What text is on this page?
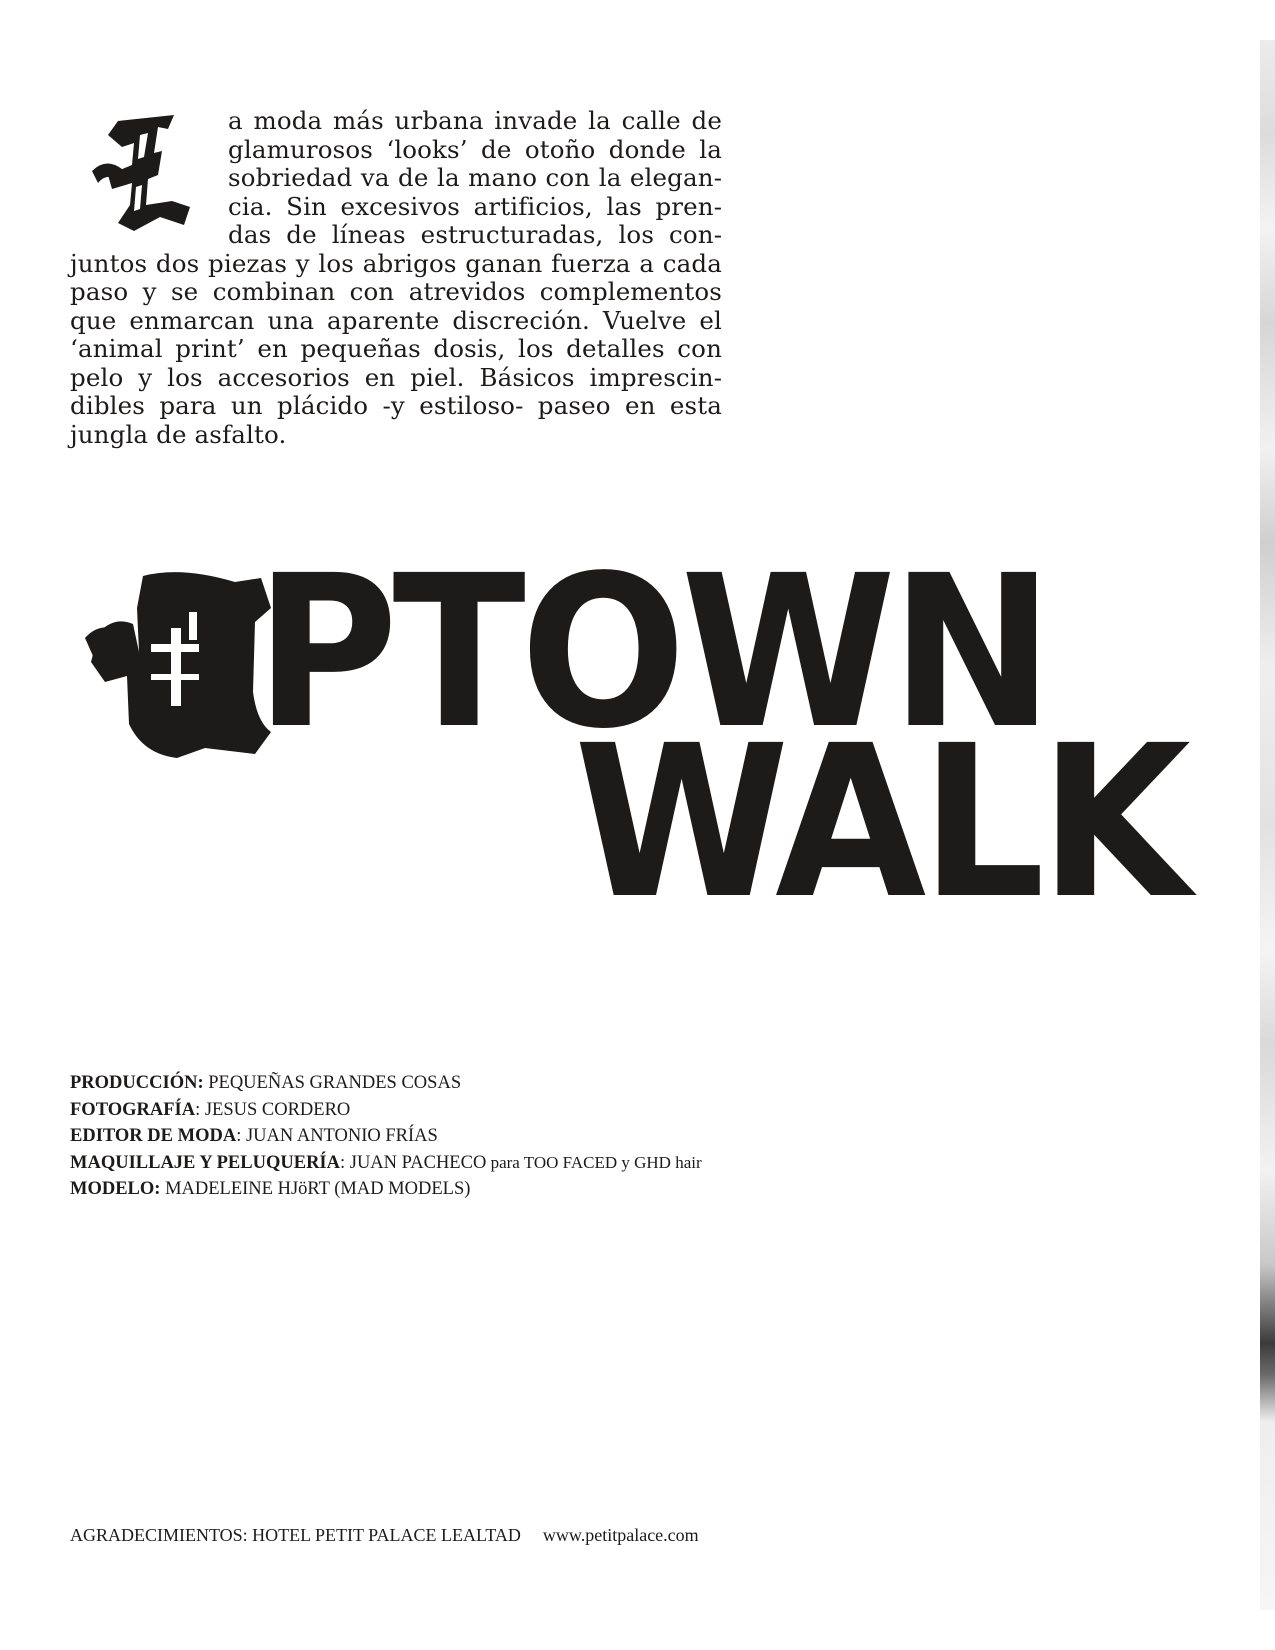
a moda más urbana invade la calle de glamurosos ‘looks’ de otoño donde la sobriedad va de la mano con la elegancia. Sin excesivos artificios, las prendas de líneas estructuradas, los conjuntos dos piezas y los abrigos ganan fuerza a cada paso y se combinan con atrevidos complementos que enmarcan una aparente discreción. Vuelve el ‘animal print’ en pequeñas dosis, los detalles con pelo y los accesorios en piel. Básicos imprescindibles para un plácido -y estiloso- paseo en esta jungla de asfalto.

PTOWN
WALK
PRODUCCIÓN: PEQUEÑAS GRANDES COSAS
FOTOGRAFÍA: JESUS CORDERO
EDITOR DE MODA: JUAN ANTONIO FRÍAS
MAQUILLAJE Y PELUQUERÍA: JUAN PACHECO para TOO FACED y GHD hair
MODELO: MADELEINE HJöRT (MAD MODELS)
AGRADECIMIENTOS: HOTEL PETIT PALACE LEALTAD www.petitpalace.com
